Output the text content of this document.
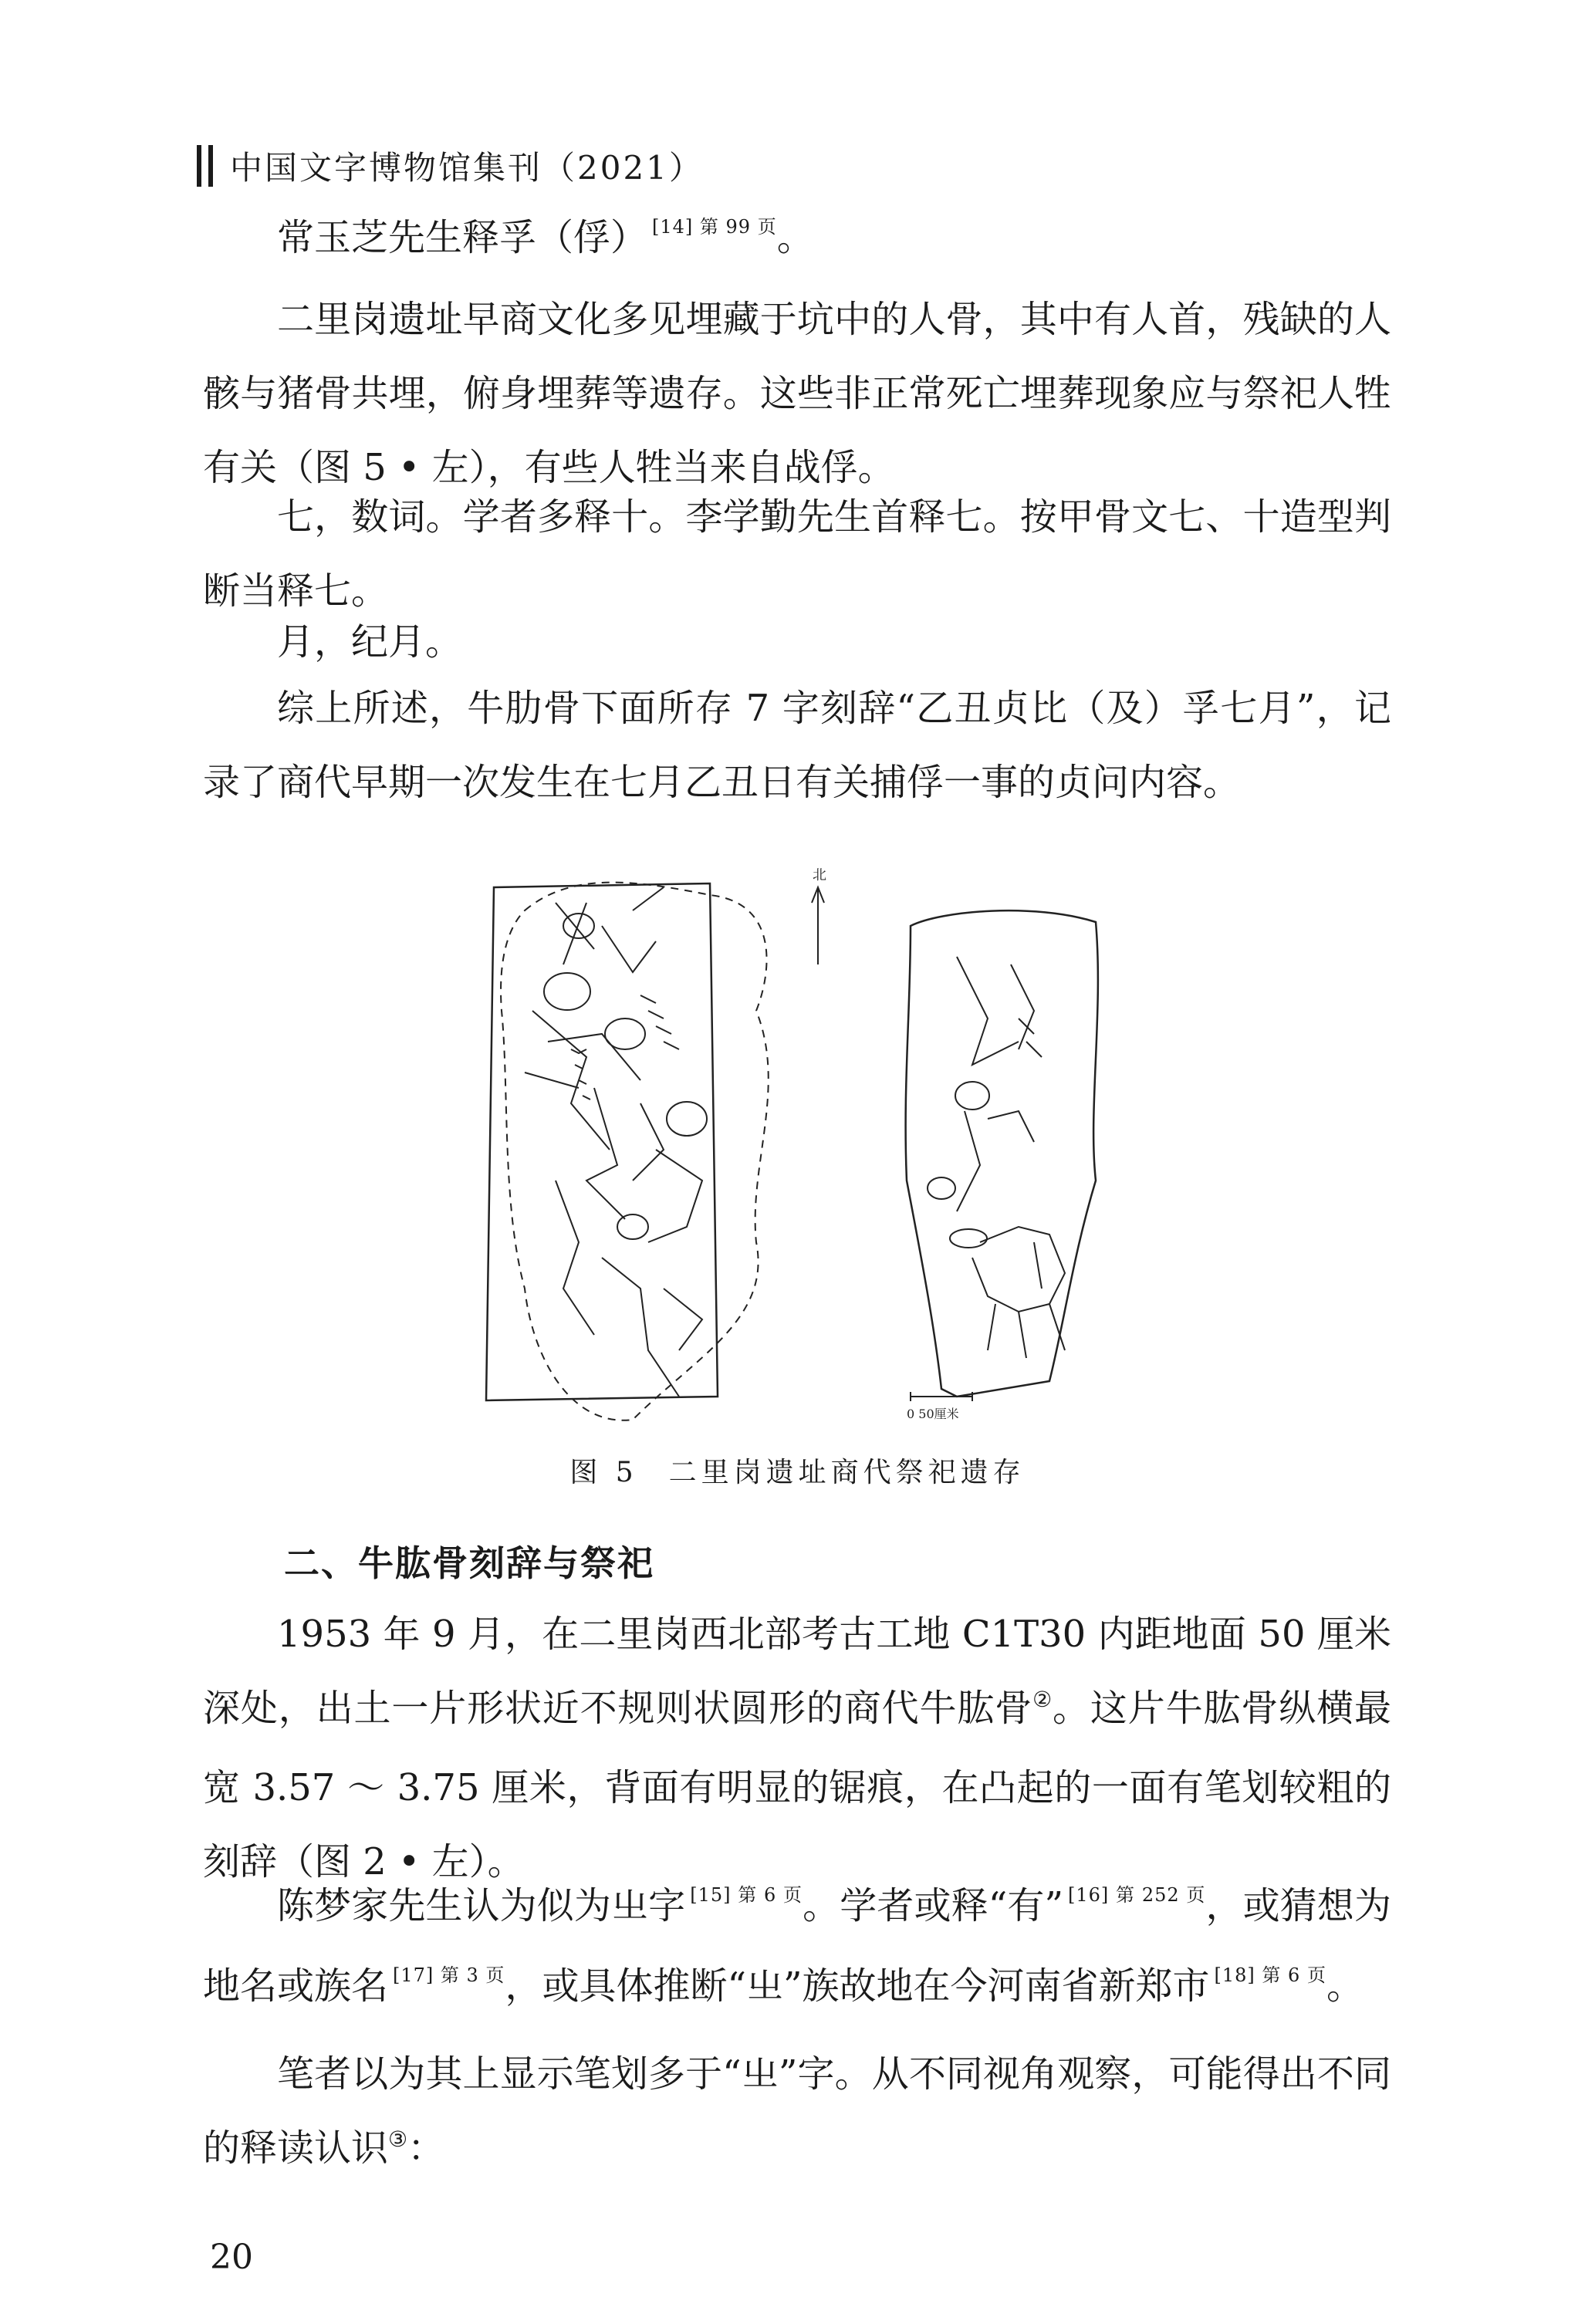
中国文字博物馆集刊（2021）

常玉芝先生释孚（俘） $^{[14] 第 99 页}$。

二里岗遗址早商文化多见埋藏于坑中的人骨，其中有人首，残缺的人骸与猪骨共埋，俯身埋葬等遗存。这些非正常死亡埋葬现象应与祭祀人牲有关（图 5 • 左），有些人牲当来自战俘。

七，数词。学者多释十。李学勤先生首释七。按甲骨文七、十造型判断当释七。

月，纪月。

综上所述，牛肋骨下面所存 7 字刻辞“乙丑贞比（及）孚七月”，记录了商代早期一次发生在七月乙丑日有关捕俘一事的贞问内容。

北
0 50厘米
图 5 二里岗遗址商代祭祀遗存
二、牛肱骨刻辞与祭祀

1953 年 9 月，在二里岗西北部考古工地 C1T30 内距地面 50 厘米深处，出土一片形状近不规则状圆形的商代牛肱骨②。这片牛肱骨纵横最宽 3.57 ～ 3.75 厘米，背面有明显的锯痕，在凸起的一面有笔划较粗的刻辞（图 2 • 左）。

陈梦家先生认为似为㞢字 $^{[15] 第 6 页}$。学者或释“有” $^{[16] 第 252 页}$，或猜想为地名或族名 $^{[17] 第 3 页}$，或具体推断“㞢”族故地在今河南省新郑市 $^{[18] 第 6 页}$。

笔者以为其上显示笔划多于“㞢”字。从不同视角观察，可能得出不同的释读认识③：

20
